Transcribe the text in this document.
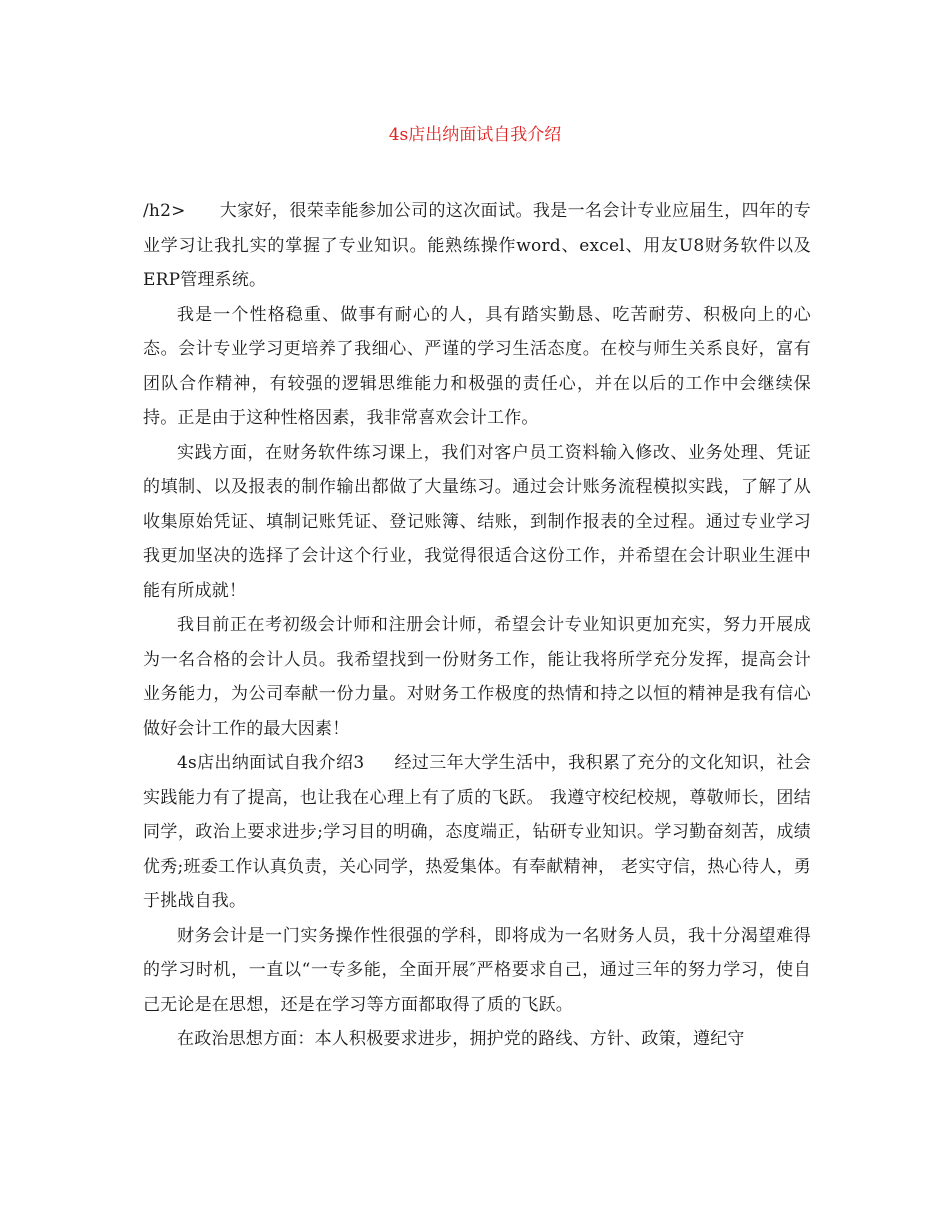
4s店出纳面试自我介绍

/h2> 大家好，很荣幸能参加公司的这次面试。我是一名会计专业应届生，四年的专业学习让我扎实的掌握了专业知识。能熟练操作word、excel、用友U8财务软件以及ERP管理系统。

我是一个性格稳重、做事有耐心的人，具有踏实勤恳、吃苦耐劳、积极向上的心态。会计专业学习更培养了我细心、严谨的学习生活态度。在校与师生关系良好，富有团队合作精神，有较强的逻辑思维能力和极强的责任心，并在以后的工作中会继续保持。正是由于这种性格因素，我非常喜欢会计工作。

实践方面，在财务软件练习课上，我们对客户员工资料输入修改、业务处理、凭证的填制、以及报表的制作输出都做了大量练习。通过会计账务流程模拟实践，了解了从收集原始凭证、填制记账凭证、登记账簿、结账，到制作报表的全过程。通过专业学习我更加坚决的选择了会计这个行业，我觉得很适合这份工作，并希望在会计职业生涯中能有所成就！

我目前正在考初级会计师和注册会计师，希望会计专业知识更加充实，努力开展成为一名合格的会计人员。我希望找到一份财务工作，能让我将所学充分发挥，提高会计业务能力，为公司奉献一份力量。对财务工作极度的热情和持之以恒的精神是我有信心做好会计工作的最大因素！

4s店出纳面试自我介绍3 经过三年大学生活中，我积累了充分的文化知识，社会实践能力有了提高，也让我在心理上有了质的飞跃。 我遵守校纪校规，尊敬师长，团结同学，政治上要求进步;学习目的明确，态度端正，钻研专业知识。学习勤奋刻苦，成绩优秀;班委工作认真负责，关心同学，热爱集体。有奉献精神， 老实守信，热心待人，勇于挑战自我。

财务会计是一门实务操作性很强的学科，即将成为一名财务人员，我十分渴望难得的学习时机，一直以“一专多能，全面开展″严格要求自己，通过三年的努力学习，使自己无论是在思想，还是在学习等方面都取得了质的飞跃。

在政治思想方面：本人积极要求进步，拥护党的路线、方针、政策，遵纪守
